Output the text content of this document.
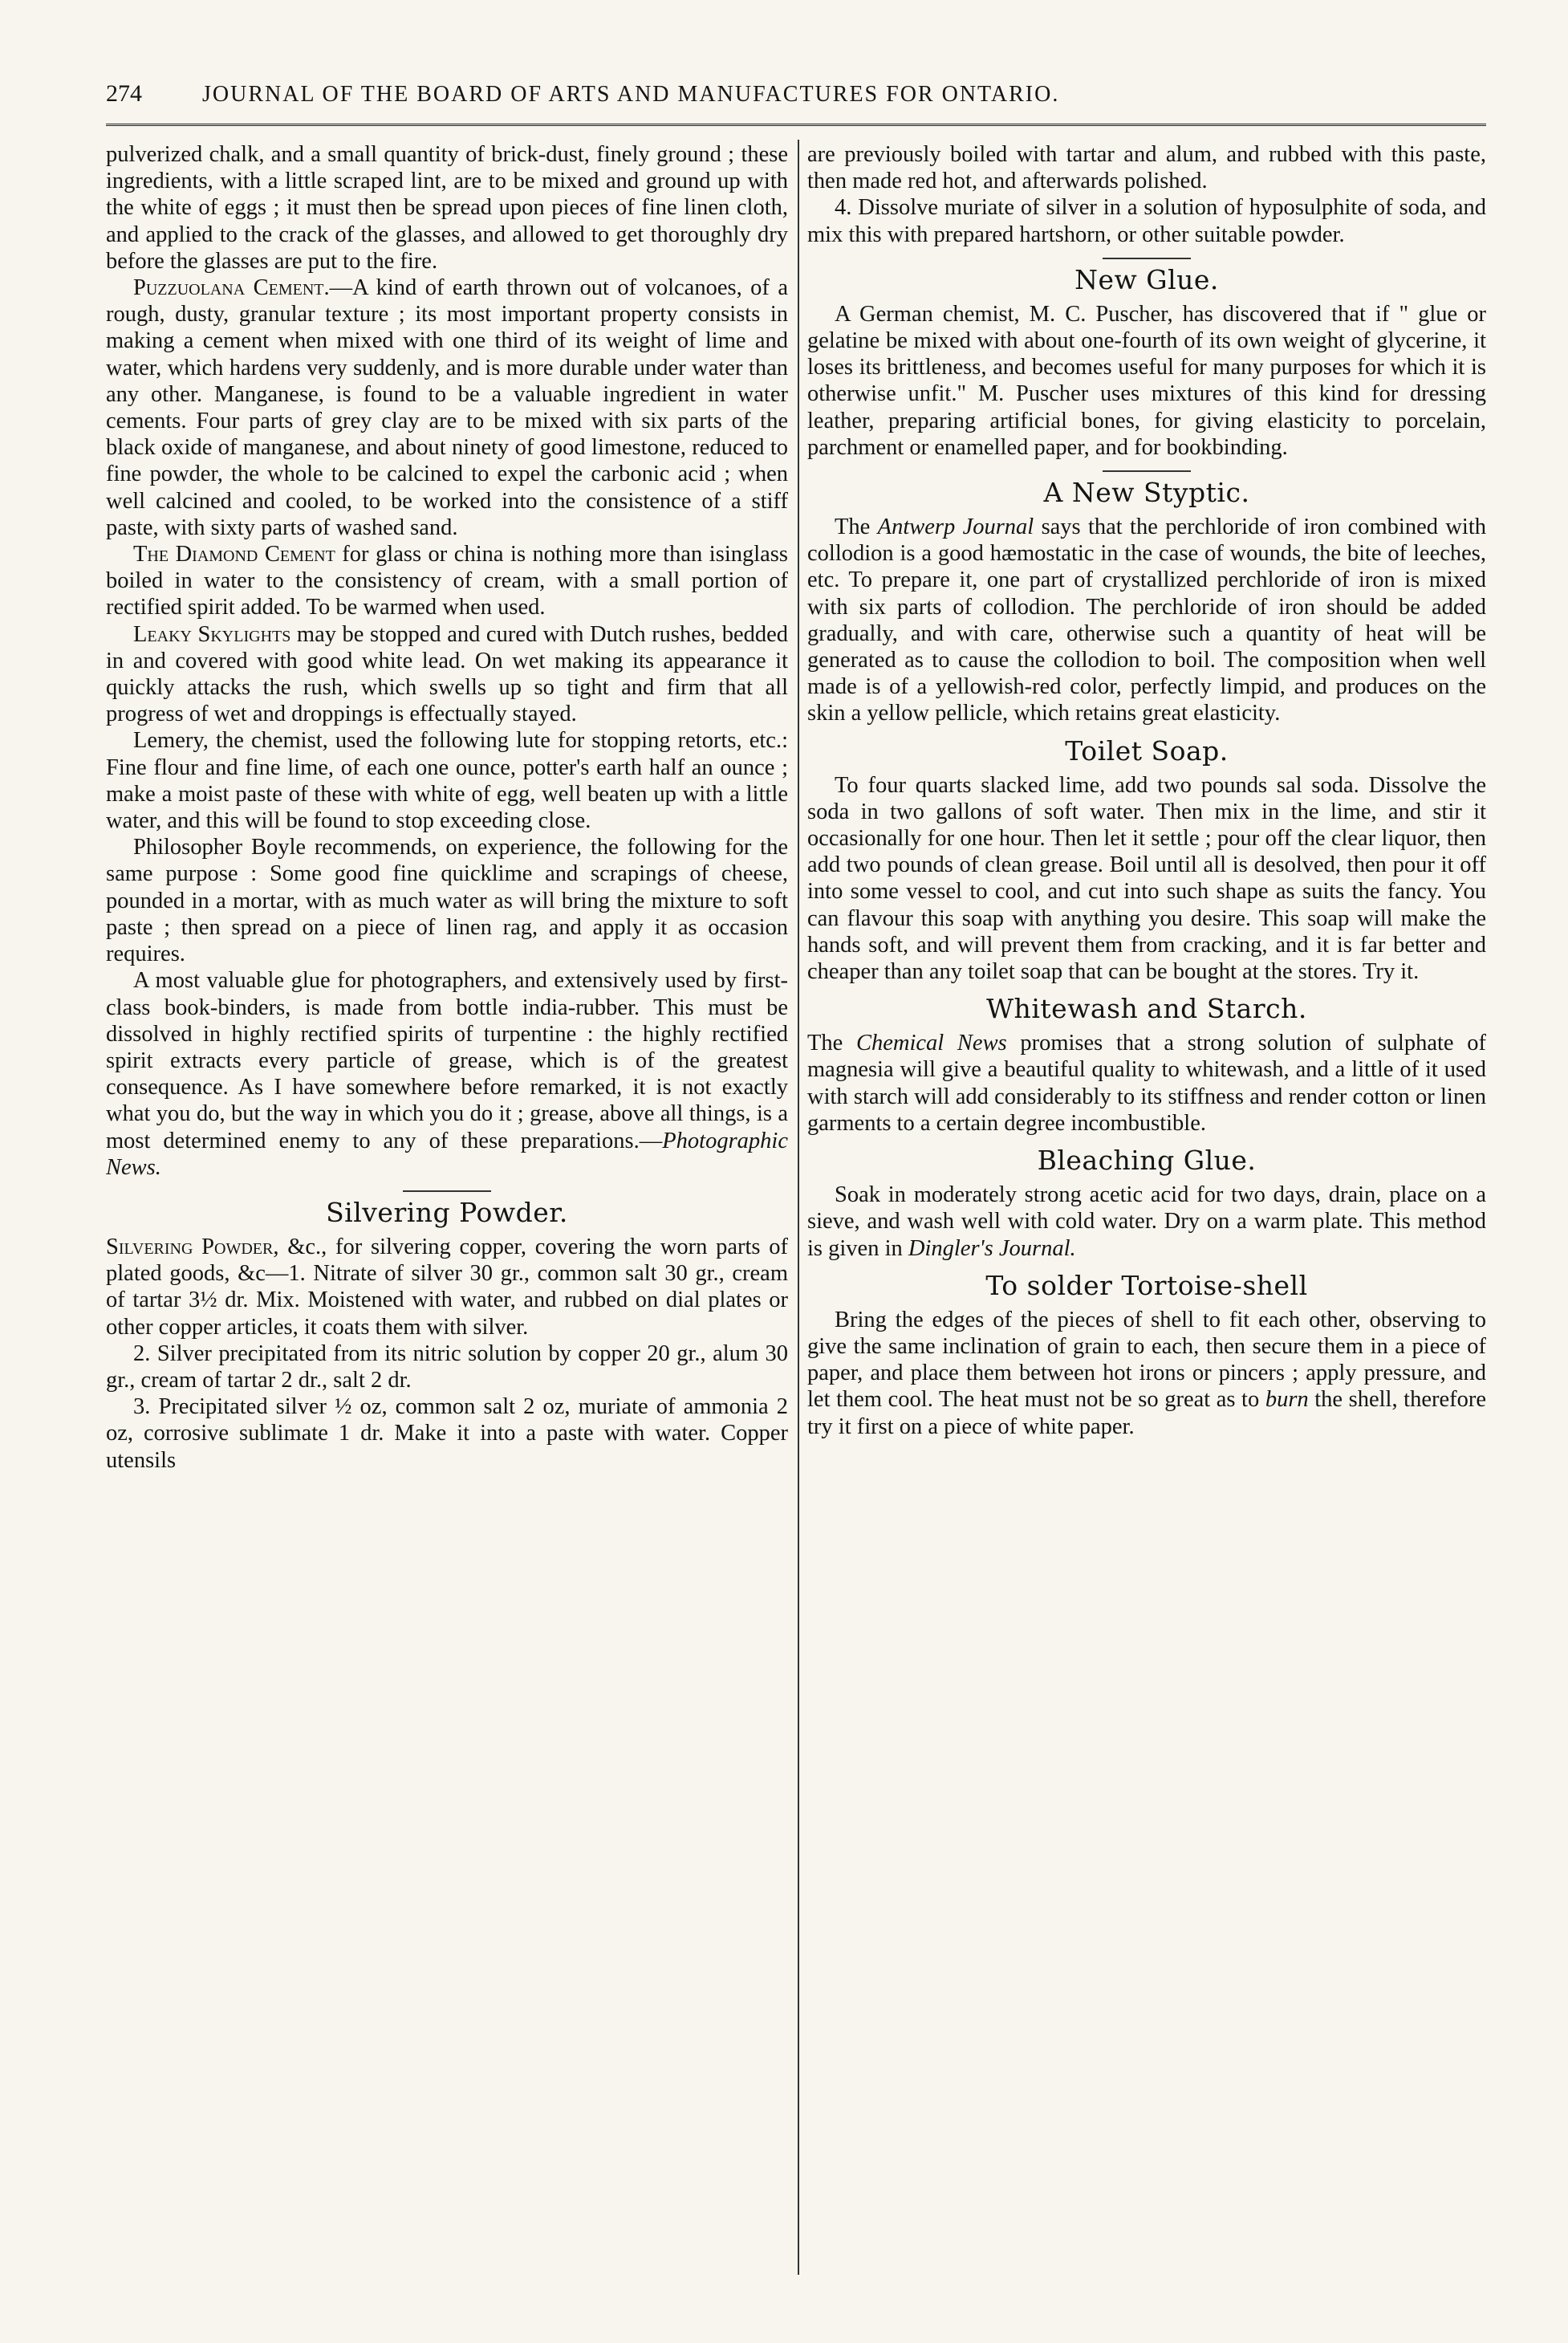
274	JOURNAL OF THE BOARD OF ARTS AND MANUFACTURES FOR ONTARIO.

pulverized chalk, and a small quantity of brick-dust, finely ground ; these ingredients, with a little scraped lint, are to be mixed and ground up with the white of eggs ; it must then be spread upon pieces of fine linen cloth, and applied to the crack of the glasses, and allowed to get thoroughly dry before the glasses are put to the fire.

Puzzuolana Cement.—A kind of earth thrown out of volcanoes, of a rough, dusty, granular texture ; its most important property consists in making a cement when mixed with one third of its weight of lime and water, which hardens very suddenly, and is more durable under water than any other. Manganese, is found to be a valuable ingredient in water cements. Four parts of grey clay are to be mixed with six parts of the black oxide of manganese, and about ninety of good limestone, reduced to fine powder, the whole to be calcined to expel the carbonic acid ; when well calcined and cooled, to be worked into the consistence of a stiff paste, with sixty parts of washed sand.

The Diamond Cement for glass or china is nothing more than isinglass boiled in water to the consistency of cream, with a small portion of rectified spirit added. To be warmed when used.

Leaky Skylights may be stopped and cured with Dutch rushes, bedded in and covered with good white lead. On wet making its appearance it quickly attacks the rush, which swells up so tight and firm that all progress of wet and droppings is effectually stayed.

Lemery, the chemist, used the following lute for stopping retorts, etc.: Fine flour and fine lime, of each one ounce, potter's earth half an ounce ; make a moist paste of these with white of egg, well beaten up with a little water, and this will be found to stop exceeding close.

Philosopher Boyle recommends, on experience, the following for the same purpose : Some good fine quicklime and scrapings of cheese, pounded in a mortar, with as much water as will bring the mixture to soft paste ; then spread on a piece of linen rag, and apply it as occasion requires.

A most valuable glue for photographers, and extensively used by first-class book-binders, is made from bottle india-rubber. This must be dissolved in highly rectified spirits of turpentine : the highly rectified spirit extracts every particle of grease, which is of the greatest consequence. As I have somewhere before remarked, it is not exactly what you do, but the way in which you do it ; grease, above all things, is a most determined enemy to any of these preparations.—Photographic News.

Silvering Powder.

Silvering Powder, &c., for silvering copper, covering the worn parts of plated goods, &c—1. Nitrate of silver 30 gr., common salt 30 gr., cream of tartar 3½ dr. Mix. Moistened with water, and rubbed on dial plates or other copper articles, it coats them with silver.

2. Silver precipitated from its nitric solution by copper 20 gr., alum 30 gr., cream of tartar 2 dr., salt 2 dr.

3. Precipitated silver ½ oz, common salt 2 oz, muriate of ammonia 2 oz, corrosive sublimate 1 dr. Make it into a paste with water. Copper utensils

are previously boiled with tartar and alum, and rubbed with this paste, then made red hot, and afterwards polished.

4. Dissolve muriate of silver in a solution of hyposulphite of soda, and mix this with prepared hartshorn, or other suitable powder.

New Glue.

A German chemist, M. C. Puscher, has discovered that if " glue or gelatine be mixed with about one-fourth of its own weight of glycerine, it loses its brittleness, and becomes useful for many purposes for which it is otherwise unfit." M. Puscher uses mixtures of this kind for dressing leather, preparing artificial bones, for giving elasticity to porcelain, parchment or enamelled paper, and for bookbinding.

A New Styptic.

The Antwerp Journal says that the perchloride of iron combined with collodion is a good hæmostatic in the case of wounds, the bite of leeches, etc. To prepare it, one part of crystallized perchloride of iron is mixed with six parts of collodion. The perchloride of iron should be added gradually, and with care, otherwise such a quantity of heat will be generated as to cause the collodion to boil. The composition when well made is of a yellowish-red color, perfectly limpid, and produces on the skin a yellow pellicle, which retains great elasticity.

Toilet Soap.

To four quarts slacked lime, add two pounds sal soda. Dissolve the soda in two gallons of soft water. Then mix in the lime, and stir it occasionally for one hour. Then let it settle ; pour off the clear liquor, then add two pounds of clean grease. Boil until all is desolved, then pour it off into some vessel to cool, and cut into such shape as suits the fancy. You can flavour this soap with anything you desire. This soap will make the hands soft, and will prevent them from cracking, and it is far better and cheaper than any toilet soap that can be bought at the stores. Try it.

Whitewash and Starch.

The Chemical News promises that a strong solution of sulphate of magnesia will give a beautiful quality to whitewash, and a little of it used with starch will add considerably to its stiffness and render cotton or linen garments to a certain degree incombustible.

Bleaching Glue.

Soak in moderately strong acetic acid for two days, drain, place on a sieve, and wash well with cold water. Dry on a warm plate. This method is given in Dingler's Journal.

To solder Tortoise-shell

Bring the edges of the pieces of shell to fit each other, observing to give the same inclination of grain to each, then secure them in a piece of paper, and place them between hot irons or pincers ; apply pressure, and let them cool. The heat must not be so great as to burn the shell, therefore try it first on a piece of white paper.
